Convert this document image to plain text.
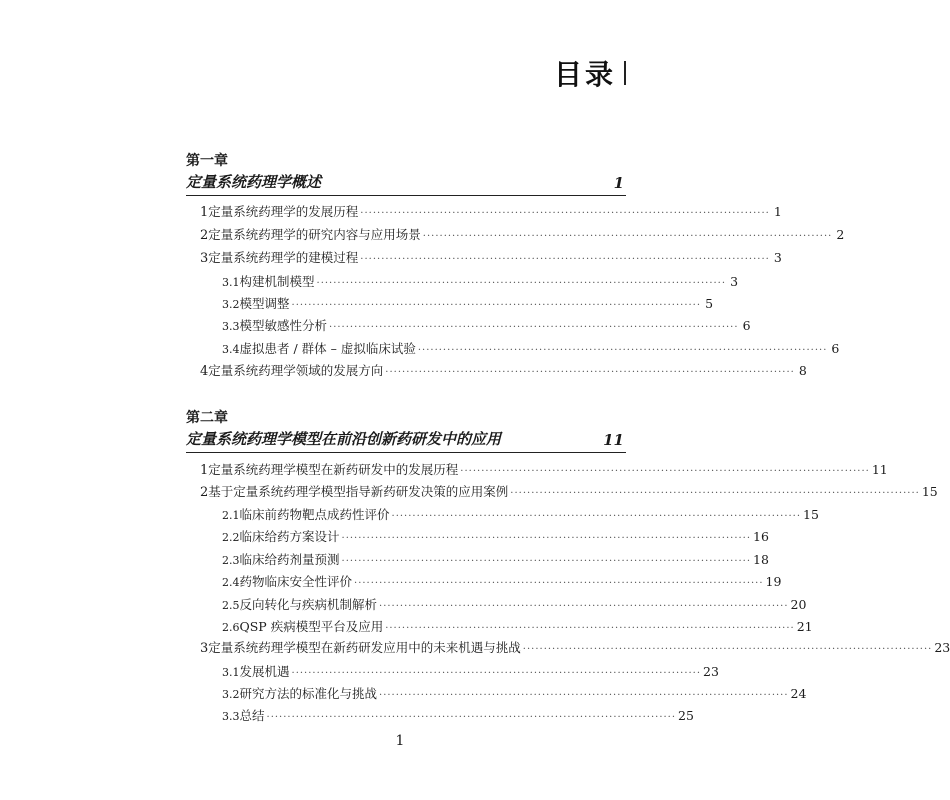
目录
第一章
定量系统药理学概述	1
1 定量系统药理学的发展历程 ·································································································· 1
2 定量系统药理学的研究内容与应用场景 ·································································································· 2
3 定量系统药理学的建模过程 ·································································································· 3
3.1 构建机制模型 ·································································································· 3
3.2 模型调整 ·································································································· 5
3.3 模型敏感性分析 ·································································································· 6
3.4 虚拟患者 / 群体 – 虚拟临床试验 ·································································································· 6
4 定量系统药理学领域的发展方向 ·································································································· 8
第二章
定量系统药理学模型在前沿创新药研发中的应用	11
1 定量系统药理学模型在新药研发中的发展历程 ·································································································· 11
2 基于定量系统药理学模型指导新药研发决策的应用案例 ·································································································· 15
2.1 临床前药物靶点成药性评价 ·································································································· 15
2.2 临床给药方案设计 ·································································································· 16
2.3 临床给药剂量预测 ·································································································· 18
2.4 药物临床安全性评价 ·································································································· 19
2.5 反向转化与疾病机制解析 ·································································································· 20
2.6 QSP 疾病模型平台及应用 ·································································································· 21
3 定量系统药理学模型在新药研发应用中的未来机遇与挑战 ·································································································· 23
3.1 发展机遇 ·································································································· 23
3.2 研究方法的标准化与挑战 ·································································································· 24
3.3 总结 ·································································································· 25
1
